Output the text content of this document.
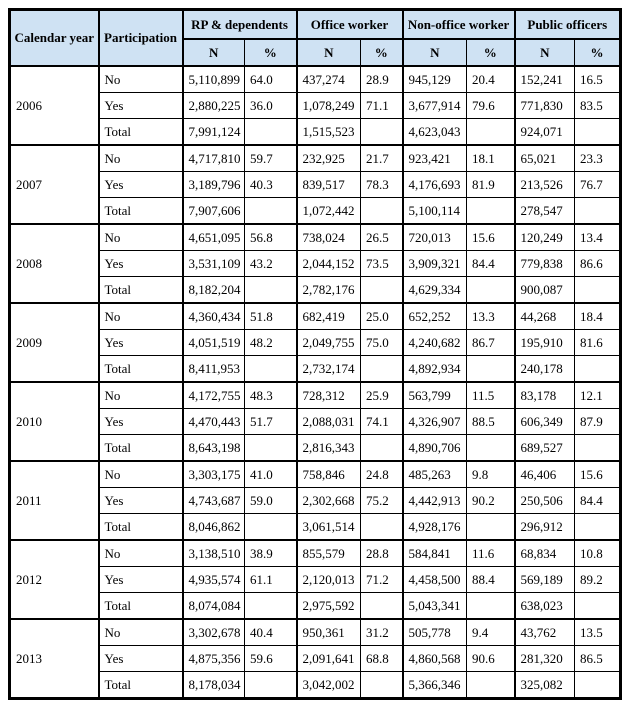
Calendar year	Participation	RP & dependents		Office worker		Non-office worker		Public officers	
		N	%	N	%	N	%	N	%
2006	No	5,110,899	64.0	437,274	28.9	945,129	20.4	152,241	16.5
	Yes	2,880,225	36.0	1,078,249	71.1	3,677,914	79.6	771,830	83.5
	Total	7,991,124		1,515,523		4,623,043		924,071	
2007	No	4,717,810	59.7	232,925	21.7	923,421	18.1	65,021	23.3
	Yes	3,189,796	40.3	839,517	78.3	4,176,693	81.9	213,526	76.7
	Total	7,907,606		1,072,442		5,100,114		278,547	
2008	No	4,651,095	56.8	738,024	26.5	720,013	15.6	120,249	13.4
	Yes	3,531,109	43.2	2,044,152	73.5	3,909,321	84.4	779,838	86.6
	Total	8,182,204		2,782,176		4,629,334		900,087	
2009	No	4,360,434	51.8	682,419	25.0	652,252	13.3	44,268	18.4
	Yes	4,051,519	48.2	2,049,755	75.0	4,240,682	86.7	195,910	81.6
	Total	8,411,953		2,732,174		4,892,934		240,178	
2010	No	4,172,755	48.3	728,312	25.9	563,799	11.5	83,178	12.1
	Yes	4,470,443	51.7	2,088,031	74.1	4,326,907	88.5	606,349	87.9
	Total	8,643,198		2,816,343		4,890,706		689,527	
2011	No	3,303,175	41.0	758,846	24.8	485,263	9.8	46,406	15.6
	Yes	4,743,687	59.0	2,302,668	75.2	4,442,913	90.2	250,506	84.4
	Total	8,046,862		3,061,514		4,928,176		296,912	
2012	No	3,138,510	38.9	855,579	28.8	584,841	11.6	68,834	10.8
	Yes	4,935,574	61.1	2,120,013	71.2	4,458,500	88.4	569,189	89.2
	Total	8,074,084		2,975,592		5,043,341		638,023	
2013	No	3,302,678	40.4	950,361	31.2	505,778	9.4	43,762	13.5
	Yes	4,875,356	59.6	2,091,641	68.8	4,860,568	90.6	281,320	86.5
	Total	8,178,034		3,042,002		5,366,346		325,082	
